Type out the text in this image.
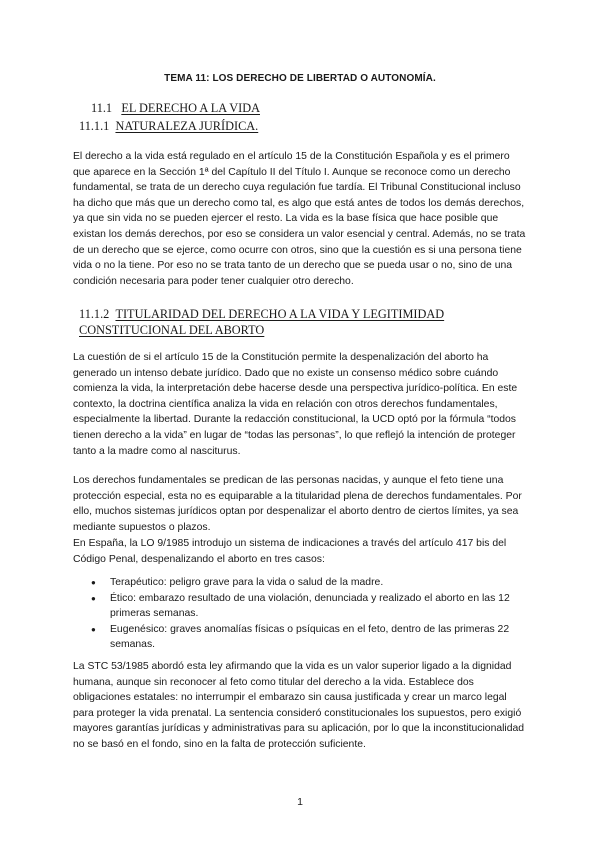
TEMA 11: LOS DERECHO DE LIBERTAD O AUTONOMÍA.
11.1 EL DERECHO A LA VIDA
11.1.1 NATURALEZA JURÍDICA.

El derecho a la vida está regulado en el artículo 15 de la Constitución Española y es el primero que aparece en la Sección 1ª del Capítulo II del Título I. Aunque se reconoce como un derecho fundamental, se trata de un derecho cuya regulación fue tardía. El Tribunal Constitucional incluso ha dicho que más que un derecho como tal, es algo que está antes de todos los demás derechos, ya que sin vida no se pueden ejercer el resto. La vida es la base física que hace posible que existan los demás derechos, por eso se considera un valor esencial y central. Además, no se trata de un derecho que se ejerce, como ocurre con otros, sino que la cuestión es si una persona tiene vida o no la tiene. Por eso no se trata tanto de un derecho que se pueda usar o no, sino de una condición necesaria para poder tener cualquier otro derecho.

11.1.2 TITULARIDAD DEL DERECHO A LA VIDA Y LEGITIMIDAD
CONSTITUCIONAL DEL ABORTO

La cuestión de si el artículo 15 de la Constitución permite la despenalización del aborto ha generado un intenso debate jurídico. Dado que no existe un consenso médico sobre cuándo comienza la vida, la interpretación debe hacerse desde una perspectiva jurídico-política. En este contexto, la doctrina científica analiza la vida en relación con otros derechos fundamentales, especialmente la libertad. Durante la redacción constitucional, la UCD optó por la fórmula “todos tienen derecho a la vida” en lugar de “todas las personas”, lo que reflejó la intención de proteger tanto a la madre como al nasciturus.

Los derechos fundamentales se predican de las personas nacidas, y aunque el feto tiene una protección especial, esta no es equiparable a la titularidad plena de derechos fundamentales. Por ello, muchos sistemas jurídicos optan por despenalizar el aborto dentro de ciertos límites, ya sea mediante supuestos o plazos.

En España, la LO 9/1985 introdujo un sistema de indicaciones a través del artículo 417 bis del Código Penal, despenalizando el aborto en tres casos:

● Terapéutico: peligro grave para la vida o salud de la madre.
● Ético: embarazo resultado de una violación, denunciada y realizado el aborto en las 12 primeras semanas.
● Eugenésico: graves anomalías físicas o psíquicas en el feto, dentro de las primeras 22 semanas.

La STC 53/1985 abordó esta ley afirmando que la vida es un valor superior ligado a la dignidad humana, aunque sin reconocer al feto como titular del derecho a la vida. Establece dos obligaciones estatales: no interrumpir el embarazo sin causa justificada y crear un marco legal para proteger la vida prenatal. La sentencia consideró constitucionales los supuestos, pero exigió mayores garantías jurídicas y administrativas para su aplicación, por lo que la inconstitucionalidad no se basó en el fondo, sino en la falta de protección suficiente.

1
